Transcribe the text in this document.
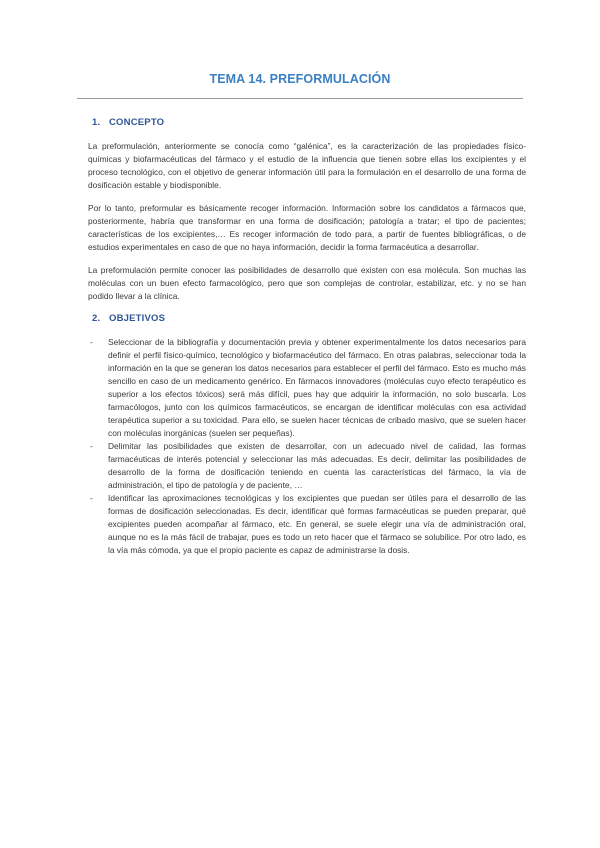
TEMA 14. PREFORMULACIÓN
1. CONCEPTO

La preformulación, anteriormente se conocía como “galénica”, es la caracterización de las propiedades físico-químicas y biofarmacéuticas del fármaco y el estudio de la influencia que tienen sobre ellas los excipientes y el proceso tecnológico, con el objetivo de generar información útil para la formulación en el desarrollo de una forma de dosificación estable y biodisponible.

Por lo tanto, preformular es básicamente recoger información. Información sobre los candidatos a fármacos que, posteriormente, habría que transformar en una forma de dosificación; patología a tratar; el tipo de pacientes; características de los excipientes,… Es recoger información de todo para, a partir de fuentes bibliográficas, o de estudios experimentales en caso de que no haya información, decidir la forma farmacéutica a desarrollar.

La preformulación permite conocer las posibilidades de desarrollo que existen con esa molécula. Son muchas las moléculas con un buen efecto farmacológico, pero que son complejas de controlar, estabilizar, etc. y no se han podido llevar a la clínica.

2. OBJETIVOS
- Seleccionar de la bibliografía y documentación previa y obtener experimentalmente los datos necesarios para definir el perfil físico-químico, tecnológico y biofarmacéutico del fármaco. En otras palabras, seleccionar toda la información en la que se generan los datos necesarios para establecer el perfil del fármaco. Esto es mucho más sencillo en caso de un medicamento genérico. En fármacos innovadores (moléculas cuyo efecto terapéutico es superior a los efectos tóxicos) será más difícil, pues hay que adquirir la información, no solo buscarla. Los farmacólogos, junto con los químicos farmacéuticos, se encargan de identificar moléculas con esa actividad terapéutica superior a su toxicidad. Para ello, se suelen hacer técnicas de cribado masivo, que se suelen hacer con moléculas inorgánicas (suelen ser pequeñas).
- Delimitar las posibilidades que existen de desarrollar, con un adecuado nivel de calidad, las formas farmacéuticas de interés potencial y seleccionar las más adecuadas. Es decir, delimitar las posibilidades de desarrollo de la forma de dosificación teniendo en cuenta las características del fármaco, la vía de administración, el tipo de patología y de paciente, …
- Identificar las aproximaciones tecnológicas y los excipientes que puedan ser útiles para el desarrollo de las formas de dosificación seleccionadas. Es decir, identificar qué formas farmacéuticas se pueden preparar, qué excipientes pueden acompañar al fármaco, etc. En general, se suele elegir una vía de administración oral, aunque no es la más fácil de trabajar, pues es todo un reto hacer que el fármaco se solubilice. Por otro lado, es la vía más cómoda, ya que el propio paciente es capaz de administrarse la dosis.
